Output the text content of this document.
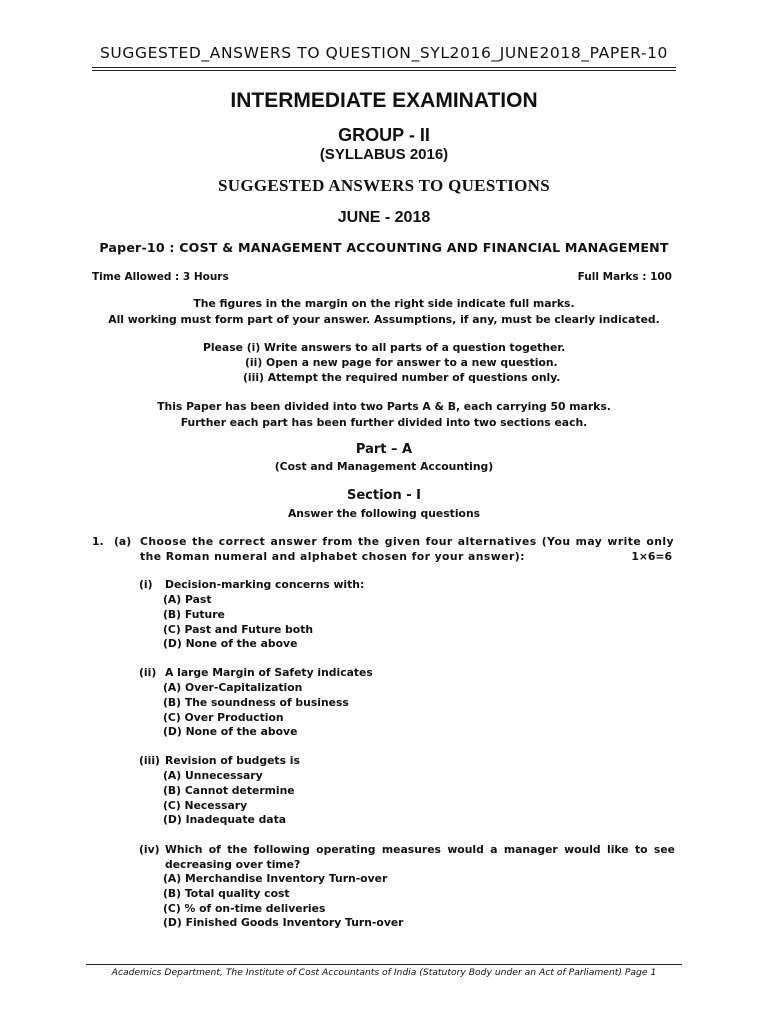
SUGGESTED_ANSWERS TO QUESTION_SYL2016_JUNE2018_PAPER-10
INTERMEDIATE EXAMINATION
GROUP - II
(SYLLABUS 2016)
SUGGESTED ANSWERS TO QUESTIONS
JUNE - 2018
Paper-10 : COST & MANAGEMENT ACCOUNTING AND FINANCIAL MANAGEMENT
Time Allowed : 3 Hours	Full Marks : 100
The figures in the margin on the right side indicate full marks.
All working must form part of your answer. Assumptions, if any, must be clearly indicated.
Please (i) Write answers to all parts of a question together.
(ii) Open a new page for answer to a new question.
(iii) Attempt the required number of questions only.
This Paper has been divided into two Parts A & B, each carrying 50 marks.
Further each part has been further divided into two sections each.
Part – A
(Cost and Management Accounting)
Section - I
Answer the following questions
1. (a) Choose the correct answer from the given four alternatives (You may write only the Roman numeral and alphabet chosen for your answer):	1×6=6
(i) Decision-marking concerns with:
(A) Past
(B) Future
(C) Past and Future both
(D) None of the above
(ii) A large Margin of Safety indicates
(A) Over-Capitalization
(B) The soundness of business
(C) Over Production
(D) None of the above
(iii) Revision of budgets is
(A) Unnecessary
(B) Cannot determine
(C) Necessary
(D) Inadequate data
(iv) Which of the following operating measures would a manager would like to see decreasing over time?
(A) Merchandise Inventory Turn-over
(B) Total quality cost
(C) % of on-time deliveries
(D) Finished Goods Inventory Turn-over
Academics Department, The Institute of Cost Accountants of India (Statutory Body under an Act of Parliament) Page 1
